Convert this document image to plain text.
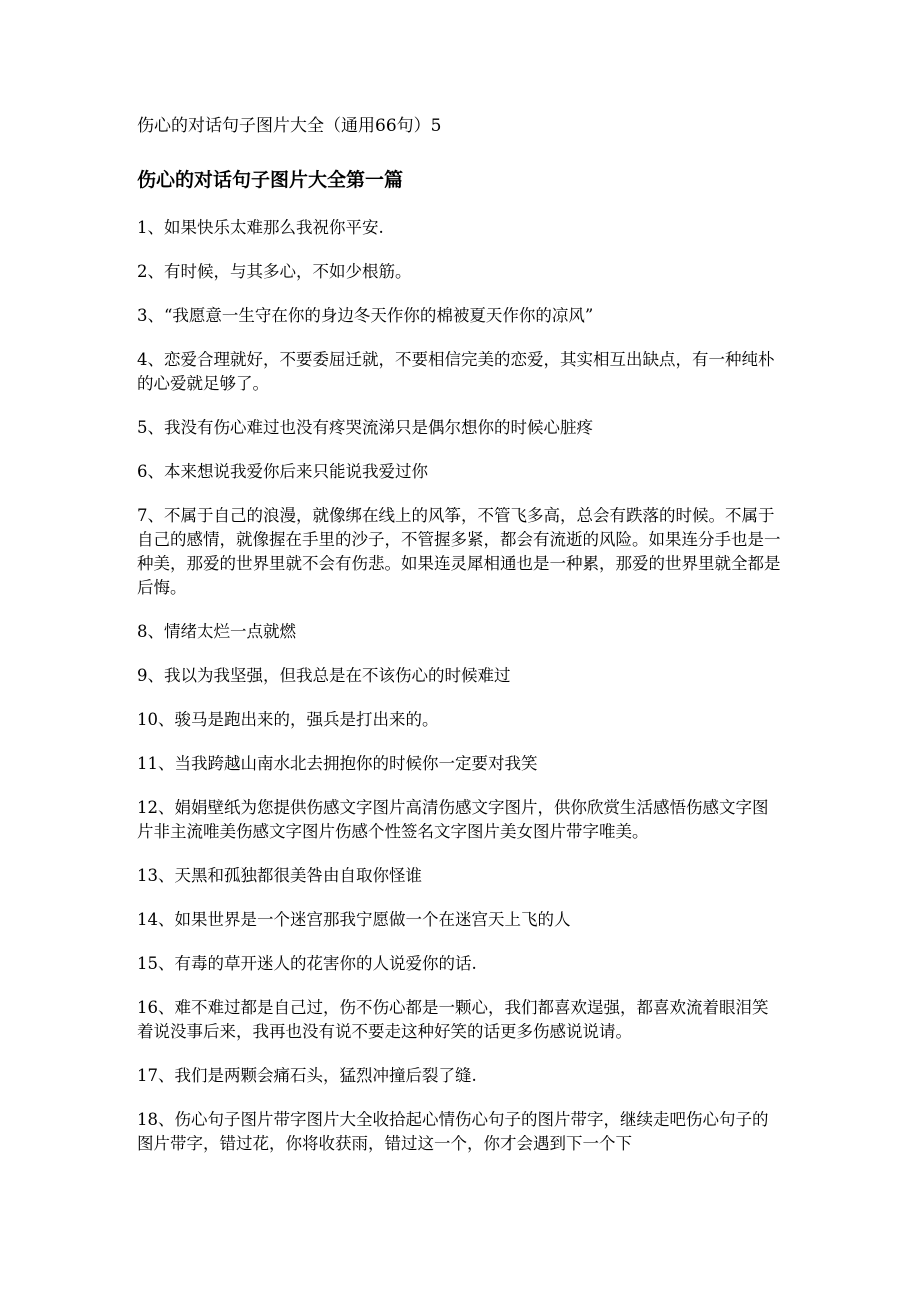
伤心的对话句子图片大全（通用66句）5
伤心的对话句子图片大全第一篇
1、如果快乐太难那么我祝你平安.
2、有时候，与其多心，不如少根筋。
3、“我愿意一生守在你的身边冬天作你的棉被夏天作你的凉风”
4、恋爱合理就好，不要委屈迁就，不要相信完美的恋爱，其实相互出缺点，有一种纯朴的心爱就足够了。
5、我没有伤心难过也没有疼哭流涕只是偶尔想你的时候心脏疼
6、本来想说我爱你后来只能说我爱过你
7、不属于自己的浪漫，就像绑在线上的风筝，不管飞多高，总会有跌落的时候。不属于自己的感情，就像握在手里的沙子，不管握多紧，都会有流逝的风险。如果连分手也是一种美，那爱的世界里就不会有伤悲。如果连灵犀相通也是一种累，那爱的世界里就全都是后悔。
8、情绪太烂一点就燃
9、我以为我坚强，但我总是在不该伤心的时候难过
10、骏马是跑出来的，强兵是打出来的。
11、当我跨越山南水北去拥抱你的时候你一定要对我笑
12、娟娟壁纸为您提供伤感文字图片高清伤感文字图片，供你欣赏生活感悟伤感文字图片非主流唯美伤感文字图片伤感个性签名文字图片美女图片带字唯美。
13、天黑和孤独都很美咎由自取你怪谁
14、如果世界是一个迷宫那我宁愿做一个在迷宫天上飞的人
15、有毒的草开迷人的花害你的人说爱你的话.
16、难不难过都是自己过，伤不伤心都是一颗心，我们都喜欢逞强，都喜欢流着眼泪笑着说没事后来，我再也没有说不要走这种好笑的话更多伤感说说请。
17、我们是两颗会痛石头，猛烈冲撞后裂了缝.
18、伤心句子图片带字图片大全收拾起心情伤心句子的图片带字，继续走吧伤心句子的图片带字，错过花，你将收获雨，错过这一个，你才会遇到下一个下
